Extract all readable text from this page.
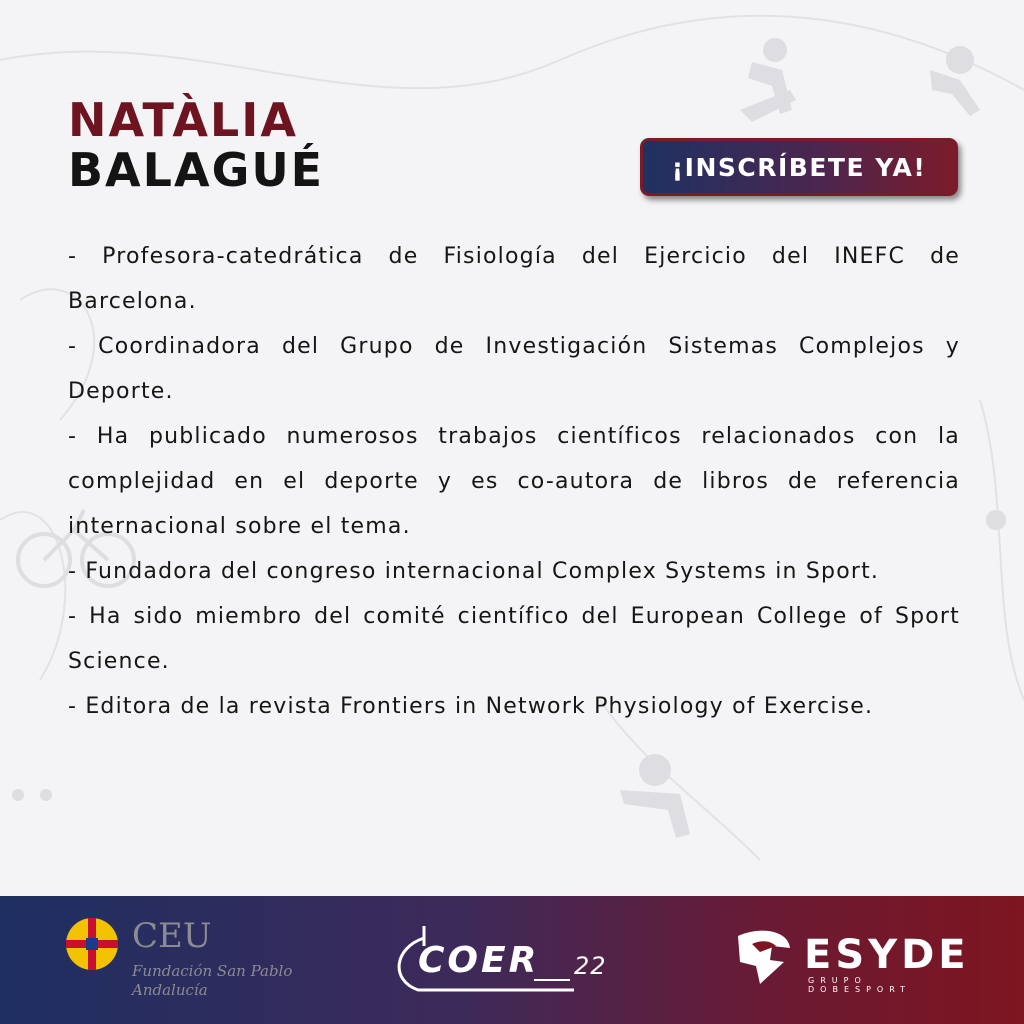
NATÀLIA
BALAGUÉ	¡INSCRÍBETE YA!

- Profesora-catedrática de Fisiología del Ejercicio del INEFC de Barcelona.

- Coordinadora del Grupo de Investigación Sistemas Complejos y Deporte.

- Ha publicado numerosos trabajos científicos relacionados con la complejidad en el deporte y es co-autora de libros de referencia internacional sobre el tema.

- Fundadora del congreso internacional Complex Systems in Sport.

- Ha sido miembro del comité científico del European College of Sport Science.

- Editora de la revista Frontiers in Network Physiology of Exercise.

CEU
Fundación San Pablo
Andalucía
COER 22	ESYDE
GRUPO DOBESPORT
